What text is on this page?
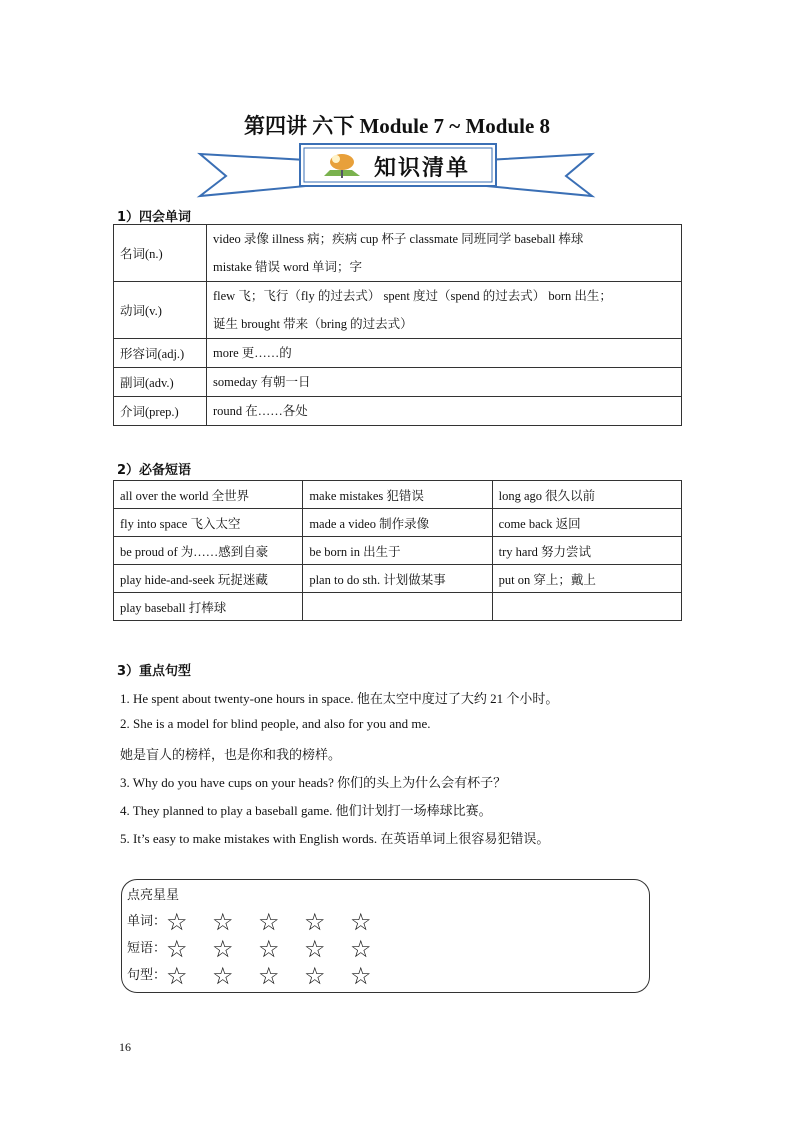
第四讲 六下 Module 7 ~ Module 8
知识清单
1）四会单词
名词(n.)	video 录像 illness 病；疾病 cup 杯子 classmate 同班同学 baseball 棒球
mistake 错误 word 单词；字

动词(v.)	flew 飞；飞行（fly 的过去式） spent 度过（spend 的过去式） born 出生；
诞生 brought 带来（bring 的过去式）

形容词(adj.)	more 更……的
副词(adv.)	someday 有朝一日
介词(prep.)	round 在……各处
2）必备短语
all over the world 全世界	make mistakes 犯错误	long ago 很久以前
fly into space 飞入太空	made a video 制作录像	come back 返回
be proud of 为……感到自豪	be born in 出生于	try hard 努力尝试
play hide-and-seek 玩捉迷藏	plan to do sth. 计划做某事	put on 穿上；戴上
play baseball 打棒球		
3）重点句型
1. He spent about twenty-one hours in space. 他在太空中度过了大约 21 个小时。
2. She is a model for blind people, and also for you and me.
她是盲人的榜样，也是你和我的榜样。
3. Why do you have cups on your heads? 你们的头上为什么会有杯子？
4. They planned to play a baseball game. 他们计划打一场棒球比赛。
5. It’s easy to make mistakes with English words. 在英语单词上很容易犯错误。
点亮星星
单词：☆ ☆ ☆ ☆ ☆
短语：☆ ☆ ☆ ☆ ☆
句型：☆ ☆ ☆ ☆ ☆
16
